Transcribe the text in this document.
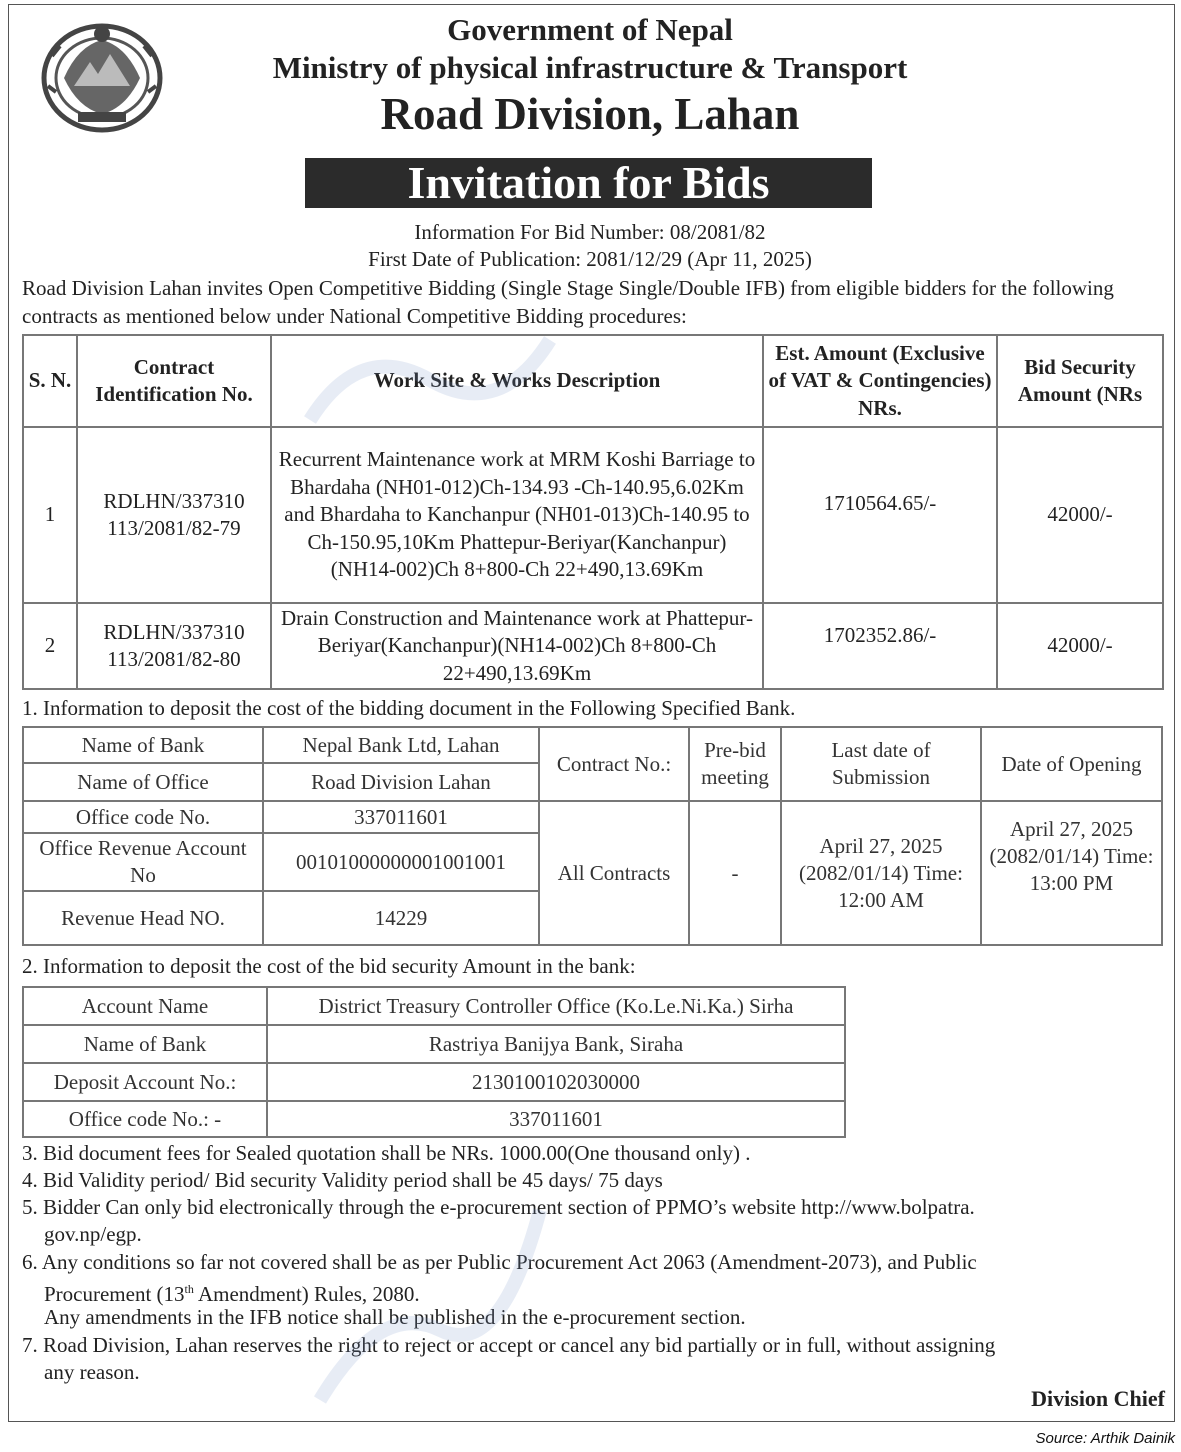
Government of Nepal
Ministry of physical infrastructure & Transport
Road Division, Lahan
Invitation for Bids
Information For Bid Number: 08/2081/82
First Date of Publication: 2081/12/29 (Apr 11, 2025)
Road Division Lahan invites Open Competitive Bidding (Single Stage Single/Double IFB) from eligible bidders for the following contracts as mentioned below under National Competitive Bidding procedures:
S. N.	Contract Identification No.	Work Site & Works Description	Est. Amount (Exclusive of VAT & Contingencies) NRs.	Bid Security Amount (NRs
1	RDLHN/337310 113/2081/82-79	Recurrent Maintenance work at MRM Koshi Barriage to Bhardaha (NH01-012)Ch-134.93 -Ch-140.95,6.02Km and Bhardaha to Kanchanpur (NH01-013)Ch-140.95 to Ch-150.95,10Km Phattepur-Beriyar(Kanchanpur) (NH14-002)Ch 8+800-Ch 22+490,13.69Km	1710564.65/-	42000/-
2	RDLHN/337310 113/2081/82-80	Drain Construction and Maintenance work at Phattepur-Beriyar(Kanchanpur)(NH14-002)Ch 8+800-Ch 22+490,13.69Km	1702352.86/-	42000/-
1. Information to deposit the cost of the bidding document in the Following Specified Bank.
Name of Bank	Nepal Bank Ltd, Lahan	Contract No.:	Pre-bid meeting	Last date of Submission	Date of Opening
Name of Office	Road Division Lahan				
Office code No.	337011601	All Contracts	-	April 27, 2025 (2082/01/14) Time: 12:00 AM	April 27, 2025 (2082/01/14) Time: 13:00 PM
Office Revenue Account No	00101000000001001001				
Revenue Head NO.	14229				
2. Information to deposit the cost of the bid security Amount in the bank:
Account Name	District Treasury Controller Office (Ko.Le.Ni.Ka.) Sirha
Name of Bank	Rastriya Banijya Bank, Siraha
Deposit Account No.:	2130100102030000
Office code No.: -	337011601
3. Bid document fees for Sealed quotation shall be NRs. 1000.00(One thousand only) .
4. Bid Validity period/ Bid security Validity period shall be 45 days/ 75 days
5. Bidder Can only bid electronically through the e-procurement section of PPMO’s website http://www.bolpatra.
gov.np/egp.
6. Any conditions so far not covered shall be as per Public Procurement Act 2063 (Amendment-2073), and Public
Procurement (13th Amendment) Rules, 2080.
Any amendments in the IFB notice shall be published in the e-procurement section.
7. Road Division, Lahan reserves the right to reject or accept or cancel any bid partially or in full, without assigning
any reason.
Division Chief
Source: Arthik Dainik
